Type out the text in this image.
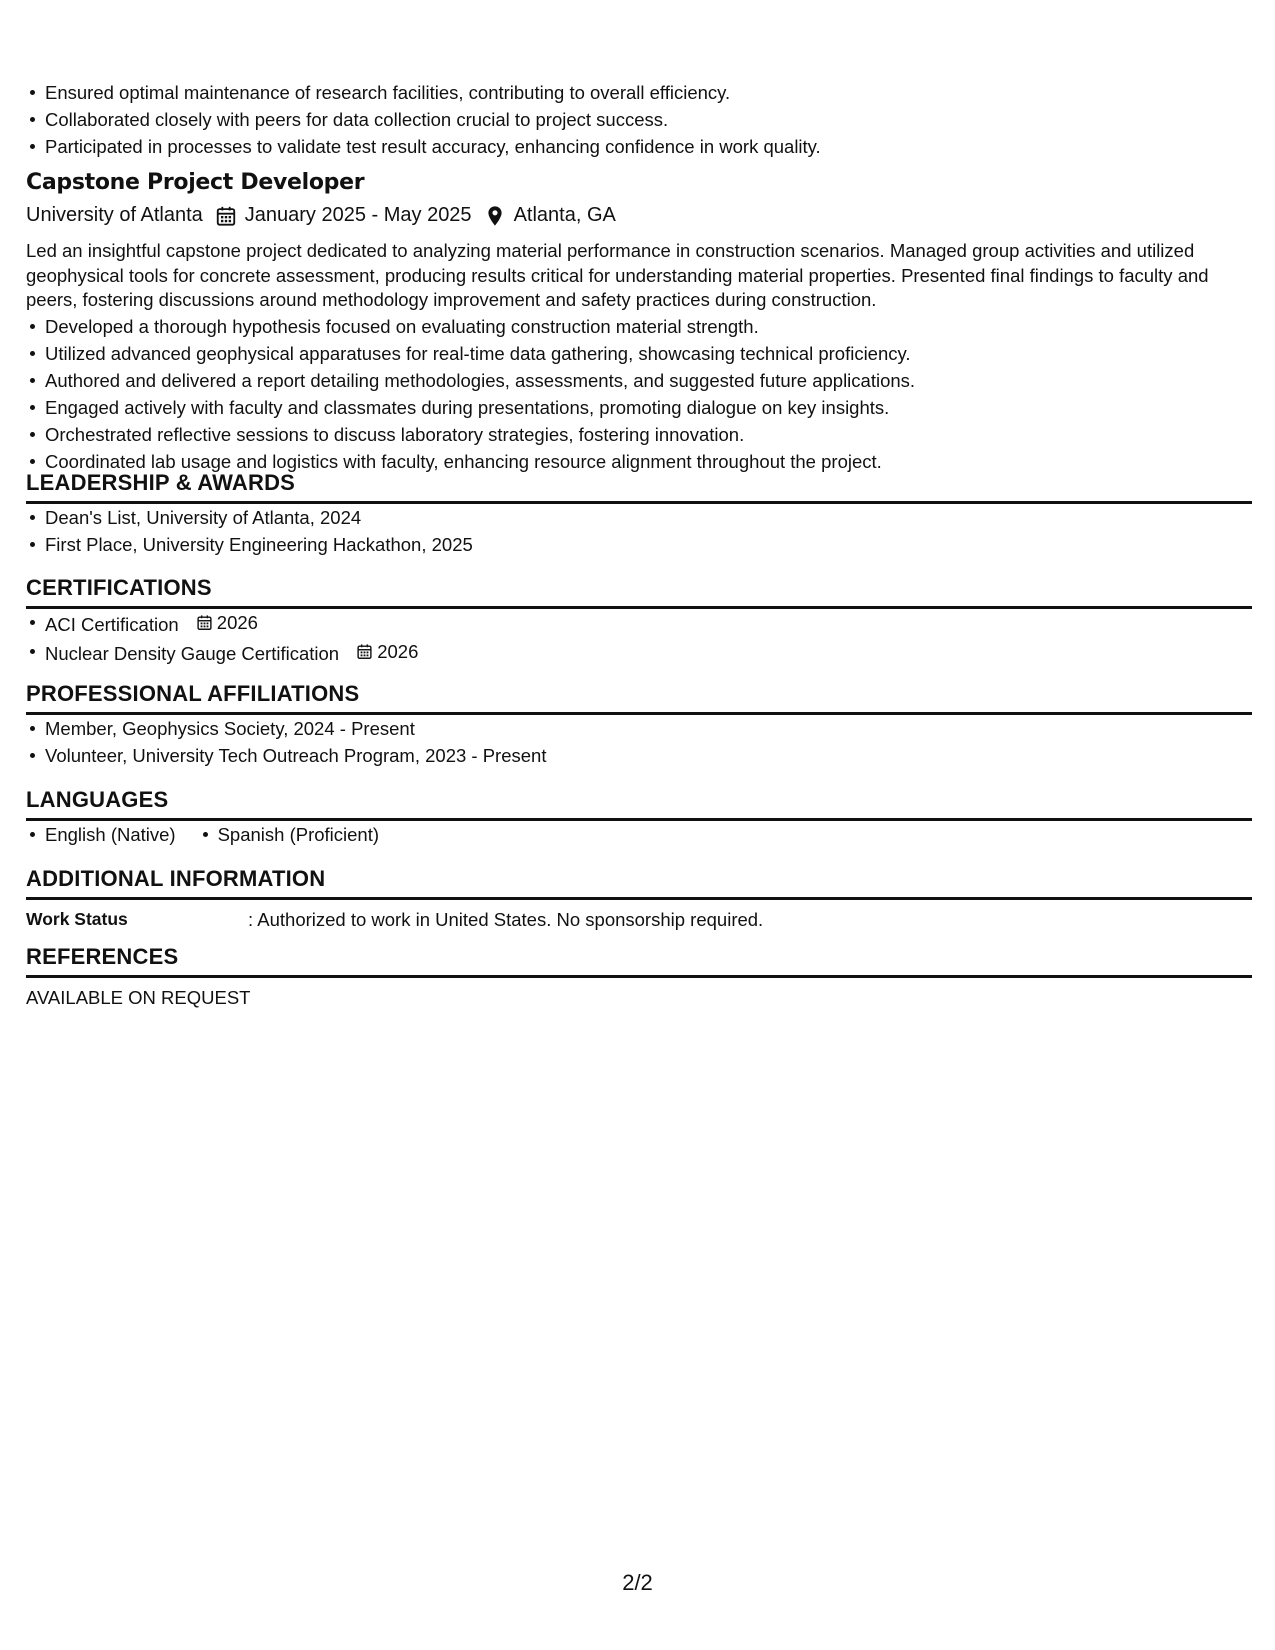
Ensured optimal maintenance of research facilities, contributing to overall efficiency.
Collaborated closely with peers for data collection crucial to project success.
Participated in processes to validate test result accuracy, enhancing confidence in work quality.
Capstone Project Developer
University of Atlanta January 2025 - May 2025 Atlanta, GA
Led an insightful capstone project dedicated to analyzing material performance in construction scenarios. Managed group activities and utilized geophysical tools for concrete assessment, producing results critical for understanding material properties. Presented final findings to faculty and peers, fostering discussions around methodology improvement and safety practices during construction.
Developed a thorough hypothesis focused on evaluating construction material strength.
Utilized advanced geophysical apparatuses for real-time data gathering, showcasing technical proficiency.
Authored and delivered a report detailing methodologies, assessments, and suggested future applications.
Engaged actively with faculty and classmates during presentations, promoting dialogue on key insights.
Orchestrated reflective sessions to discuss laboratory strategies, fostering innovation.
Coordinated lab usage and logistics with faculty, enhancing resource alignment throughout the project.
LEADERSHIP & AWARDS
Dean's List, University of Atlanta, 2024
First Place, University Engineering Hackathon, 2025
CERTIFICATIONS
ACI Certification 2026
Nuclear Density Gauge Certification 2026
PROFESSIONAL AFFILIATIONS
Member, Geophysics Society, 2024 - Present
Volunteer, University Tech Outreach Program, 2023 - Present
LANGUAGES
English (Native) Spanish (Proficient)
ADDITIONAL INFORMATION
Work Status	: Authorized to work in United States. No sponsorship required.
REFERENCES
AVAILABLE ON REQUEST
2/2
